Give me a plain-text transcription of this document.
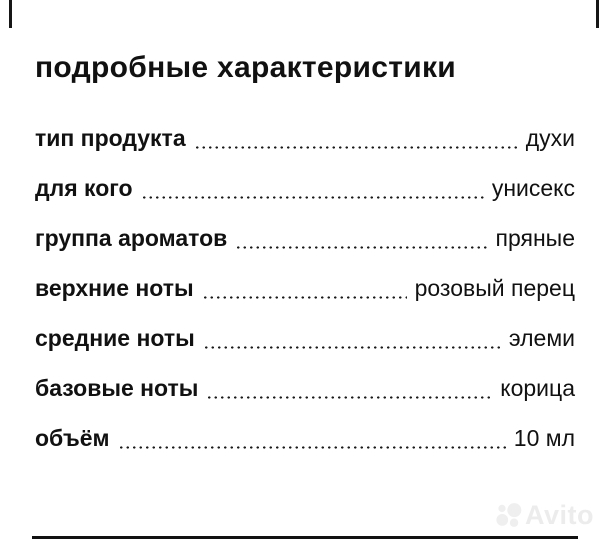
подробные характеристики
тип продукта	духи
для кого	унисекс
группа ароматов	пряные
верхние ноты	розовый перец
средние ноты	элеми
базовые ноты	корица
объём	10 мл
Avito
